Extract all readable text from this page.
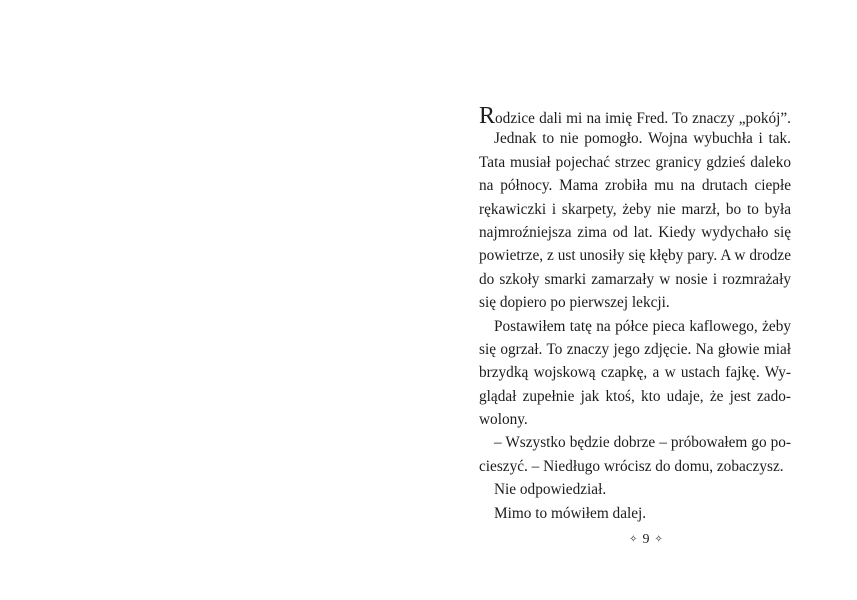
Rodzice dali mi na imię Fred. To znaczy „pokój”.
Jednak to nie pomogło. Wojna wybuchła i tak.
Tata musiał pojechać strzec granicy gdzieś daleko
na północy. Mama zrobiła mu na drutach ciepłe
rękawiczki i skarpety, żeby nie marzł, bo to była
najmroźniejsza zima od lat. Kiedy wydychało się
powietrze, z ust unosiły się kłęby pary. A w drodze
do szkoły smarki zamarzały w nosie i rozmrażały
się dopiero po pierwszej lekcji.
Postawiłem tatę na półce pieca kaflowego, żeby
się ogrzał. To znaczy jego zdjęcie. Na głowie miał
brzydką wojskową czapkę, a w ustach fajkę. Wy-
glądał zupełnie jak ktoś, kto udaje, że jest zado-
wolony.
– Wszystko będzie dobrze – próbowałem go po-
cieszyć. – Niedługo wrócisz do domu, zobaczysz.
Nie odpowiedział.
Mimo to mówiłem dalej.
✧ 9 ✧
